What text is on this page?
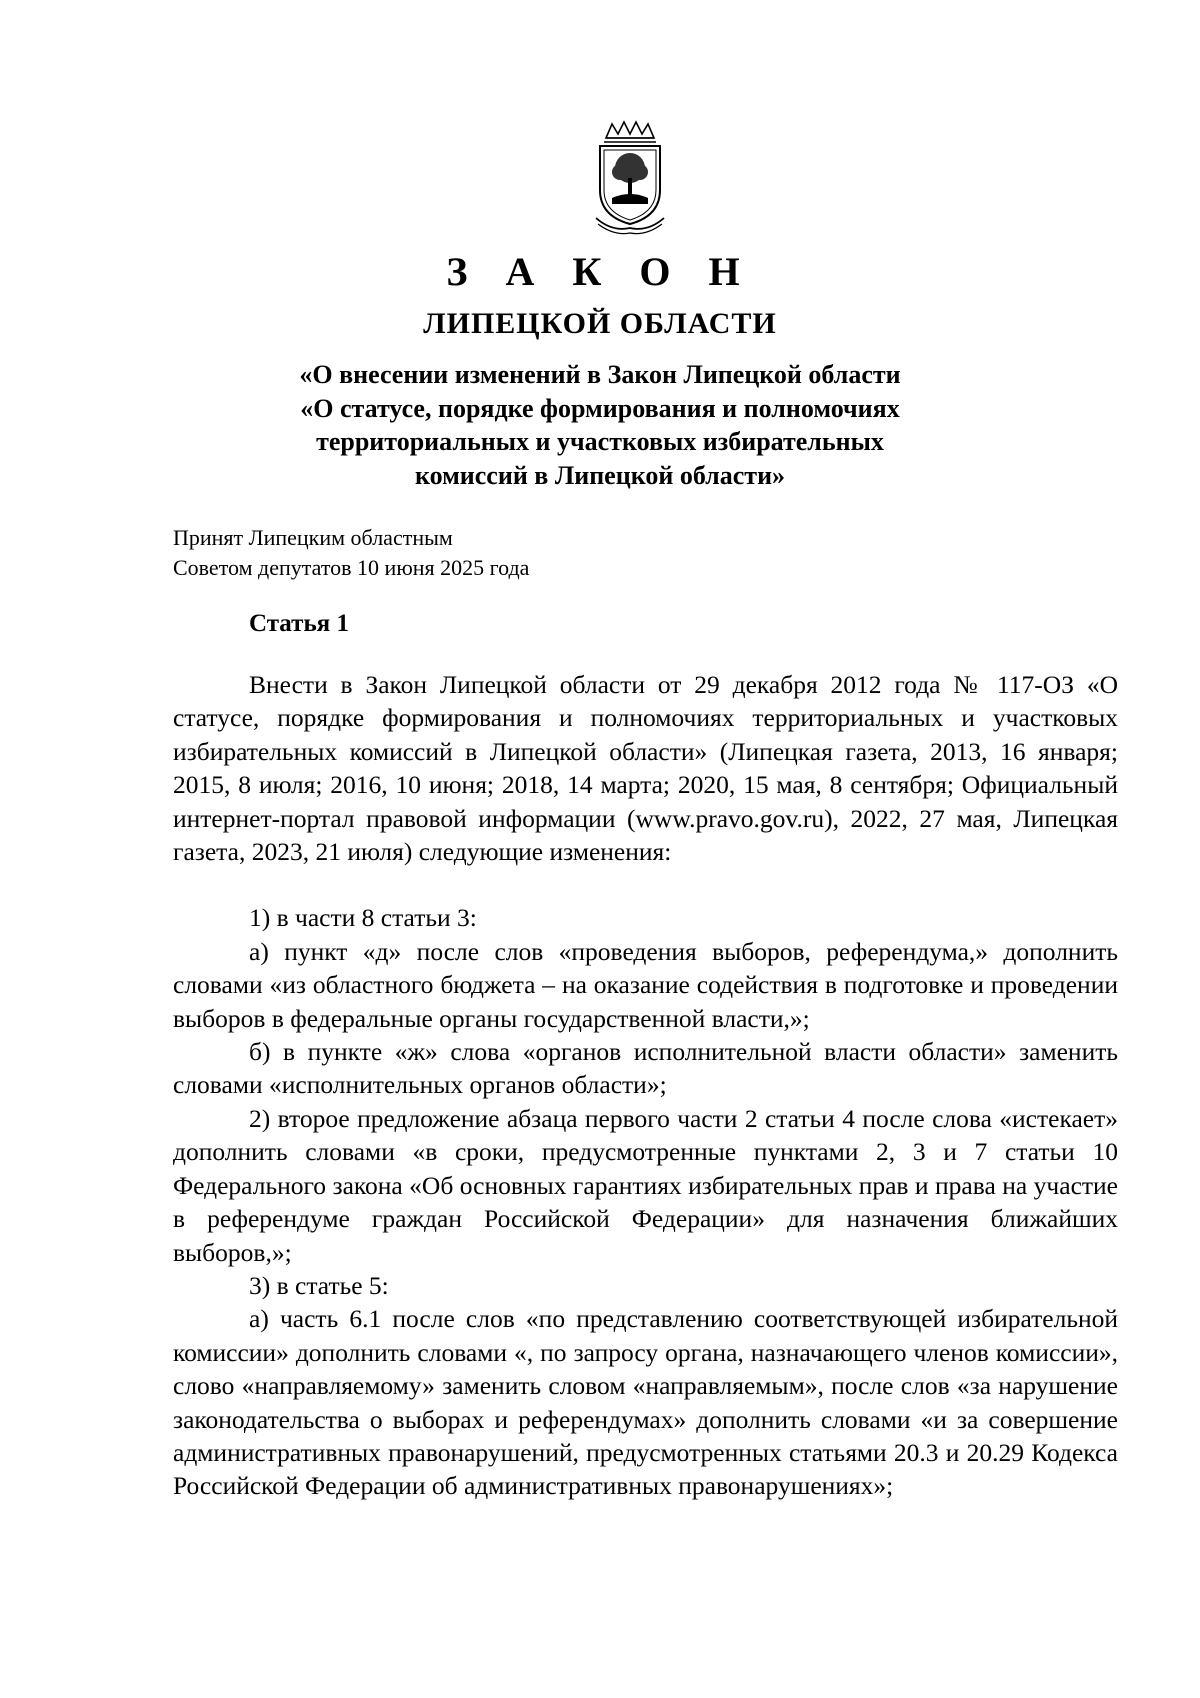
З А К О Н
ЛИПЕЦКОЙ ОБЛАСТИ
«О внесении изменений в Закон Липецкой области
«О статусе, порядке формирования и полномочиях
территориальных и участковых избирательных
комиссий в Липецкой области»
Принят Липецким областным
Советом депутатов 10 июня 2025 года
Статья 1

Внести в Закон Липецкой области от 29 декабря 2012 года № 117-ОЗ «О статусе, порядке формирования и полномочиях территориальных и участковых избирательных комиссий в Липецкой области» (Липецкая газета, 2013, 16 января; 2015, 8 июля; 2016, 10 июня; 2018, 14 марта; 2020, 15 мая, 8 сентября; Официальный интернет-портал правовой информации (www.pravo.gov.ru), 2022, 27 мая, Липецкая газета, 2023, 21 июля) следующие изменения:

1) в части 8 статьи 3:

а) пункт «д» после слов «проведения выборов, референдума,» дополнить словами «из областного бюджета – на оказание содействия в подготовке и проведении выборов в федеральные органы государственной власти,»;

б) в пункте «ж» слова «органов исполнительной власти области» заменить словами «исполнительных органов области»;

2) второе предложение абзаца первого части 2 статьи 4 после слова «истекает» дополнить словами «в сроки, предусмотренные пунктами 2, 3 и 7 статьи 10 Федерального закона «Об основных гарантиях избирательных прав и права на участие в референдуме граждан Российской Федерации» для назначения ближайших выборов,»;

3) в статье 5:

а) часть 6.1 после слов «по представлению соответствующей избирательной комиссии» дополнить словами «, по запросу органа, назначающего членов комиссии», слово «направляемому» заменить словом «направляемым», после слов «за нарушение законодательства о выборах и референдумах» дополнить словами «и за совершение административных правонарушений, предусмотренных статьями 20.3 и 20.29 Кодекса Российской Федерации об административных правонарушениях»;
